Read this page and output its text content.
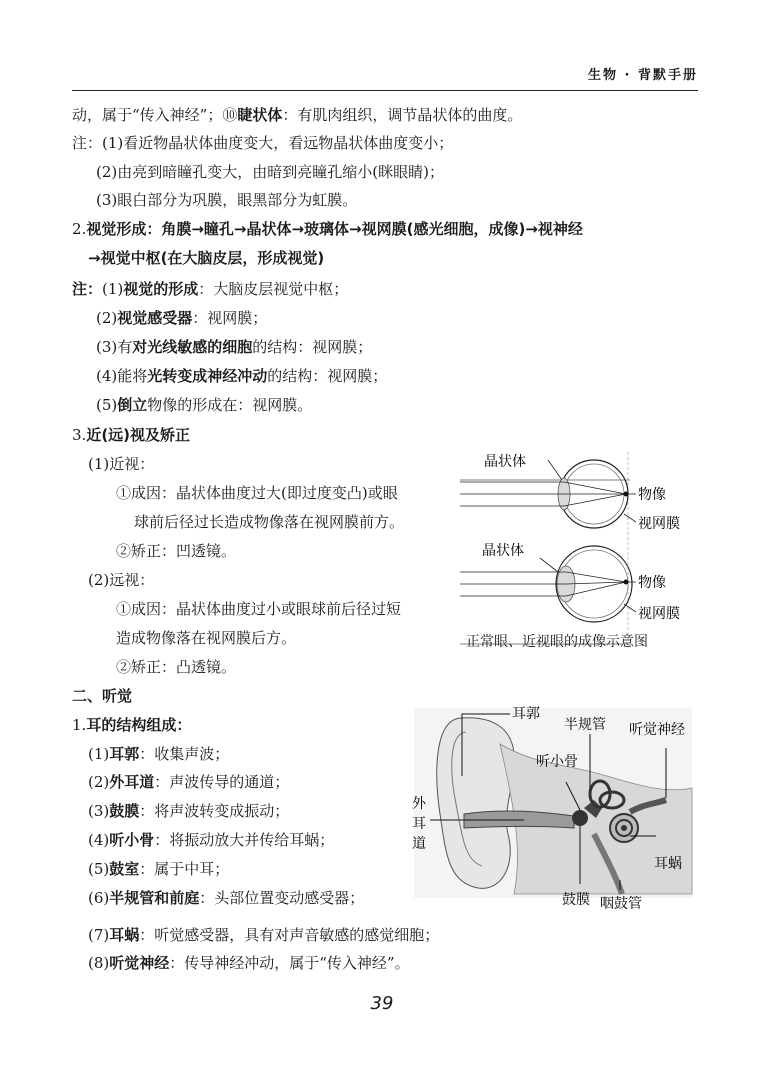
生物 · 背默手册
动，属于“传入神经”；⑩睫状体：有肌肉组织，调节晶状体的曲度。
注：(1)看近物晶状体曲度变大，看远物晶状体曲度变小；
(2)由亮到暗瞳孔变大，由暗到亮瞳孔缩小(眯眼睛)；
(3)眼白部分为巩膜，眼黑部分为虹膜。
2.视觉形成：角膜→瞳孔→晶状体→玻璃体→视网膜(感光细胞，成像)→视神经
→视觉中枢(在大脑皮层，形成视觉)
注：(1)视觉的形成：大脑皮层视觉中枢；
(2)视觉感受器：视网膜；
(3)有对光线敏感的细胞的结构：视网膜；
(4)能将光转变成神经冲动的结构：视网膜；
(5)倒立物像的形成在：视网膜。
3.近(远)视及矫正
(1)近视：
①成因：晶状体曲度过大(即过度变凸)或眼
球前后径过长造成物像落在视网膜前方。
②矫正：凹透镜。
(2)远视：
①成因：晶状体曲度过小或眼球前后径过短
造成物像落在视网膜后方。
②矫正：凸透镜。
二、听觉
1.耳的结构组成：
(1)耳郭：收集声波；
(2)外耳道：声波传导的通道；
(3)鼓膜：将声波转变成振动；
(4)听小骨：将振动放大并传给耳蜗；
(5)鼓室：属于中耳；
(6)半规管和前庭：头部位置变动感受器；
(7)耳蜗：听觉感受器，具有对声音敏感的感觉细胞；
(8)听觉神经：传导神经冲动，属于“传入神经”。
晶状体
物像
视网膜
晶状体
物像
视网膜
正常眼、近视眼的成像示意图
耳郭
半规管 听觉神经
听小骨
外
耳
道
耳蜗
鼓膜 咽鼓管
39
